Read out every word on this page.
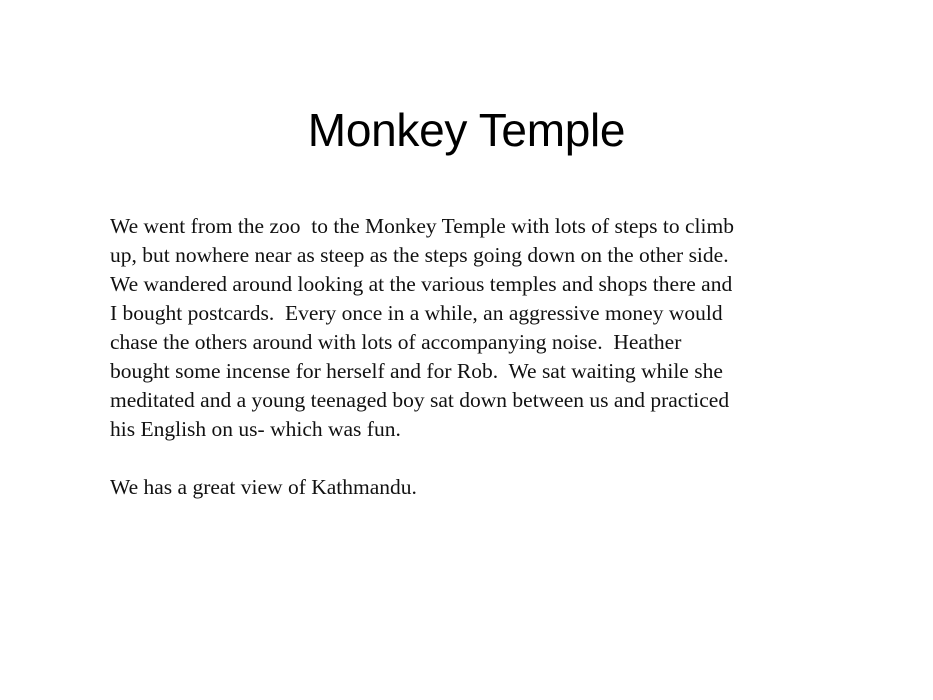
Monkey Temple
We went from the zoo  to the Monkey Temple with lots of steps to climb
up, but nowhere near as steep as the steps going down on the other side.
We wandered around looking at the various temples and shops there and
I bought postcards.  Every once in a while, an aggressive money would
chase the others around with lots of accompanying noise.  Heather
bought some incense for herself and for Rob.  We sat waiting while she
meditated and a young teenaged boy sat down between us and practiced
his English on us- which was fun.
We has a great view of Kathmandu.
